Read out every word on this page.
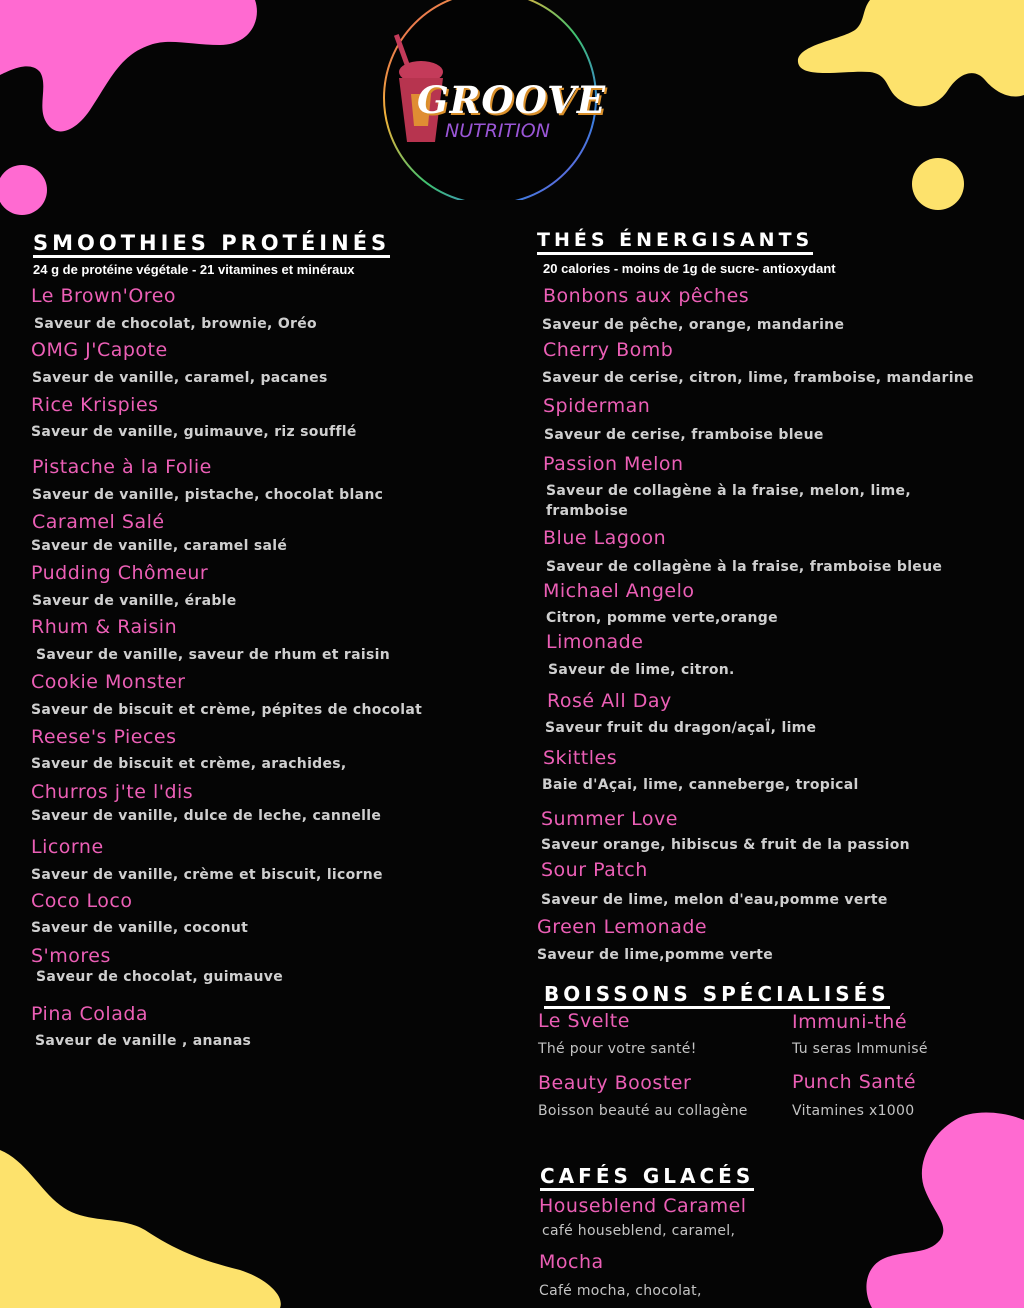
GROOVE
NUTRITION
SMOOTHIES PROTÉINÉS
24 g de protéine végétale - 21 vitamines et minéraux
Le Brown'Oreo
Saveur de chocolat, brownie, Oréo
OMG J'Capote
Saveur de vanille, caramel, pacanes
Rice Krispies
Saveur de vanille, guimauve, riz soufflé
Pistache à la Folie
Saveur de vanille, pistache, chocolat blanc
Caramel Salé
Saveur de vanille, caramel salé
Pudding Chômeur
Saveur de vanille, érable
Rhum & Raisin
Saveur de vanille, saveur de rhum et raisin
Cookie Monster
Saveur de biscuit et crème, pépites de chocolat
Reese's Pieces
Saveur de biscuit et crème, arachides,
Churros j'te l'dis
Saveur de vanille, dulce de leche, cannelle
Licorne
Saveur de vanille, crème et biscuit, licorne
Coco Loco
Saveur de vanille, coconut
S'mores
Saveur de chocolat, guimauve
Pina Colada
Saveur de vanille , ananas
THÉS ÉNERGISANTS
20 calories - moins de 1g de sucre- antioxydant
Bonbons aux pêches
Saveur de pêche, orange, mandarine
Cherry Bomb
Saveur de cerise, citron, lime, framboise, mandarine
Spiderman
Saveur de cerise, framboise bleue
Passion Melon
Saveur de collagène à la fraise, melon, lime, framboise
Blue Lagoon
Saveur de collagène à la fraise, framboise bleue
Michael Angelo
Citron, pomme verte,orange
Limonade
Saveur de lime, citron.
Rosé All Day
Saveur fruit du dragon/açaÏ, lime
Skittles
Baie d'Açai, lime, canneberge, tropical
Summer Love
Saveur orange, hibiscus & fruit de la passion
Sour Patch
Saveur de lime, melon d'eau,pomme verte
Green Lemonade
Saveur de lime,pomme verte
BOISSONS SPÉCIALISÉS
Le Svelte
Thé pour votre santé!
Immuni-thé
Tu seras Immunisé
Beauty Booster
Boisson beauté au collagène
Punch Santé
Vitamines x1000
CAFÉS GLACÉS
Houseblend Caramel
café houseblend, caramel,
Mocha
Café mocha, chocolat,
